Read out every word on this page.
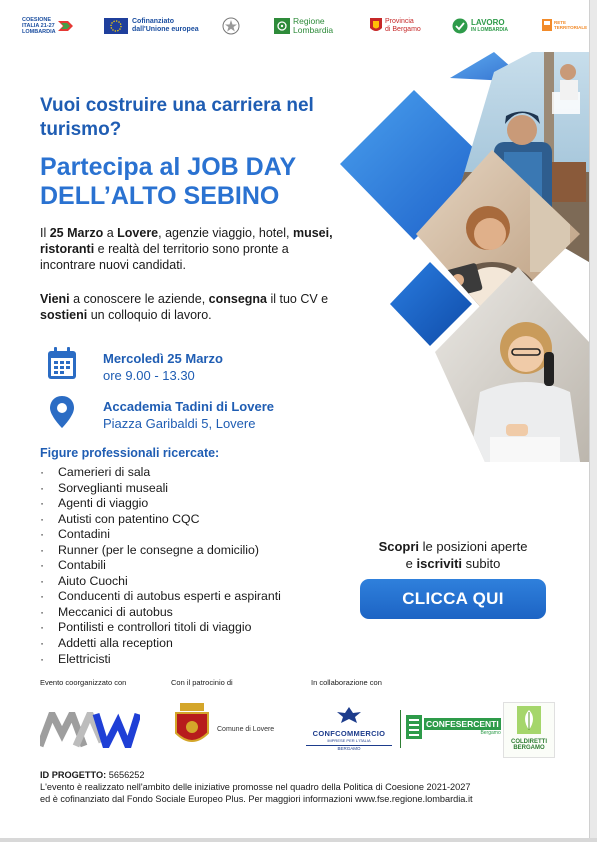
COESIONE
ITALIA 21-27
LOMBARDIA
Cofinanziato
dall'Unione europea
Regione
Lombardia
Provincia
di Bergamo
LAVORO
IN LOMBARDIA
RETE
TERRITORIALE
Vuoi costruire una carriera nel turismo?
Partecipa al JOB DAY
DELL’ALTO SEBINO
Il 25 Marzo a Lovere, agenzie viaggio, hotel, musei, ristoranti e realtà del territorio sono pronte a incontrare nuovi candidati.
Vieni a conoscere le aziende, consegna il tuo CV e sostieni un colloquio di lavoro.
Mercoledì 25 Marzo
ore 9.00 - 13.30
Accademia Tadini di Lovere
Piazza Garibaldi 5, Lovere
Figure professionali ricercate:
· Camerieri di sala
· Sorveglianti museali
· Agenti di viaggio
· Autisti con patentino CQC
· Contadini
· Runner (per le consegne a domicilio)
· Contabili
· Aiuto Cuochi
· Conducenti di autobus esperti e aspiranti
· Meccanici di autobus
· Pontilisti e controllori titoli di viaggio
· Addetti alla reception
· Elettricisti
Scopri le posizioni aperte
e iscriviti subito
CLICCA QUI
Evento coorganizzato con	Con il patrocinio di	In collaborazione con
Comune di Lovere	CONFCOMMERCIO
IMPRESE PER L'ITALIA
BERGAMO
CONFESERCENTI
Bergamo
COLDIRETTI
BERGAMO
ID PROGETTO: 5656252
L'evento è realizzato nell'ambito delle iniziative promosse nel quadro della Politica di Coesione 2021-2027
ed è cofinanziato dal Fondo Sociale Europeo Plus. Per maggiori informazioni www.fse.regione.lombardia.it
